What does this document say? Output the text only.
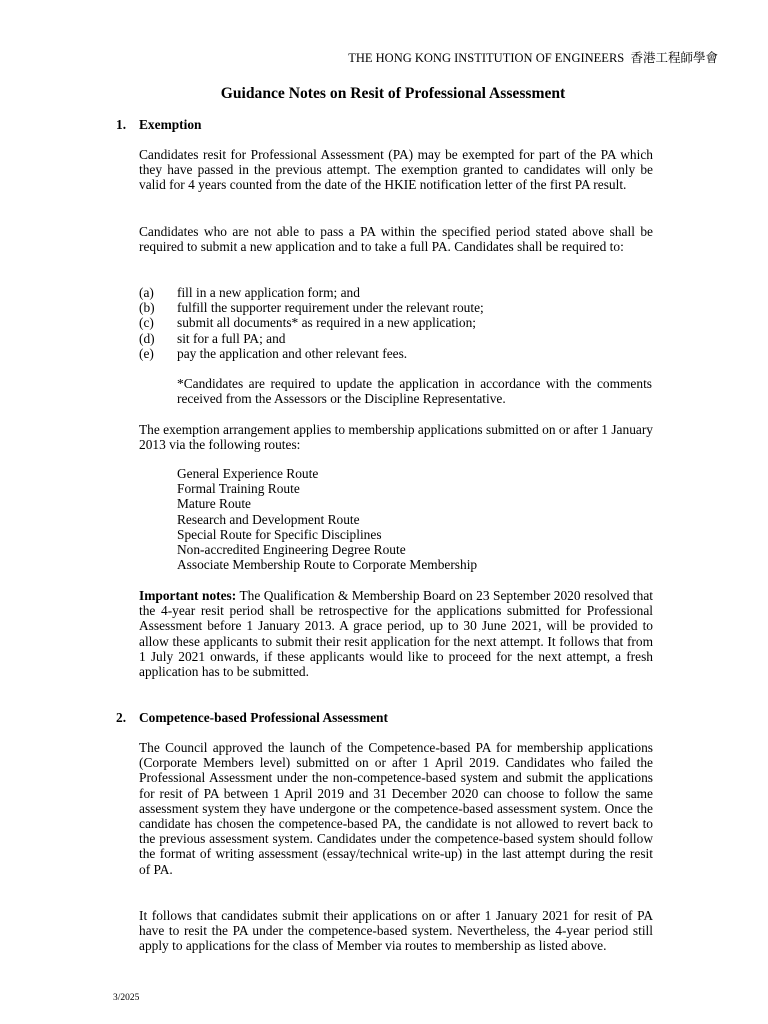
THE HONG KONG INSTITUTION OF ENGINEERS 香港工程師學會
Guidance Notes on Resit of Professional Assessment
1. Exemption

Candidates resit for Professional Assessment (PA) may be exempted for part of the PA which they have passed in the previous attempt. The exemption granted to candidates will only be valid for 4 years counted from the date of the HKIE notification letter of the first PA result.

Candidates who are not able to pass a PA within the specified period stated above shall be required to submit a new application and to take a full PA. Candidates shall be required to:

(a)	fill in a new application form; and
(b)	fulfill the supporter requirement under the relevant route;
(c)	submit all documents* as required in a new application;
(d)	sit for a full PA; and
(e)	pay the application and other relevant fees.

*Candidates are required to update the application in accordance with the comments received from the Assessors or the Discipline Representative.

The exemption arrangement applies to membership applications submitted on or after 1 January 2013 via the following routes:

General Experience Route
Formal Training Route
Mature Route
Research and Development Route
Special Route for Specific Disciplines
Non-accredited Engineering Degree Route
Associate Membership Route to Corporate Membership

Important notes: The Qualification & Membership Board on 23 September 2020 resolved that the 4-year resit period shall be retrospective for the applications submitted for Professional Assessment before 1 January 2013. A grace period, up to 30 June 2021, will be provided to allow these applicants to submit their resit application for the next attempt. It follows that from 1 July 2021 onwards, if these applicants would like to proceed for the next attempt, a fresh application has to be submitted.

2. Competence-based Professional Assessment

The Council approved the launch of the Competence-based PA for membership applications (Corporate Members level) submitted on or after 1 April 2019. Candidates who failed the Professional Assessment under the non-competence-based system and submit the applications for resit of PA between 1 April 2019 and 31 December 2020 can choose to follow the same assessment system they have undergone or the competence-based assessment system. Once the candidate has chosen the competence-based PA, the candidate is not allowed to revert back to the previous assessment system. Candidates under the competence-based system should follow the format of writing assessment (essay/technical write-up) in the last attempt during the resit of PA.

It follows that candidates submit their applications on or after 1 January 2021 for resit of PA have to resit the PA under the competence-based system. Nevertheless, the 4-year period still apply to applications for the class of Member via routes to membership as listed above.

3/2025
